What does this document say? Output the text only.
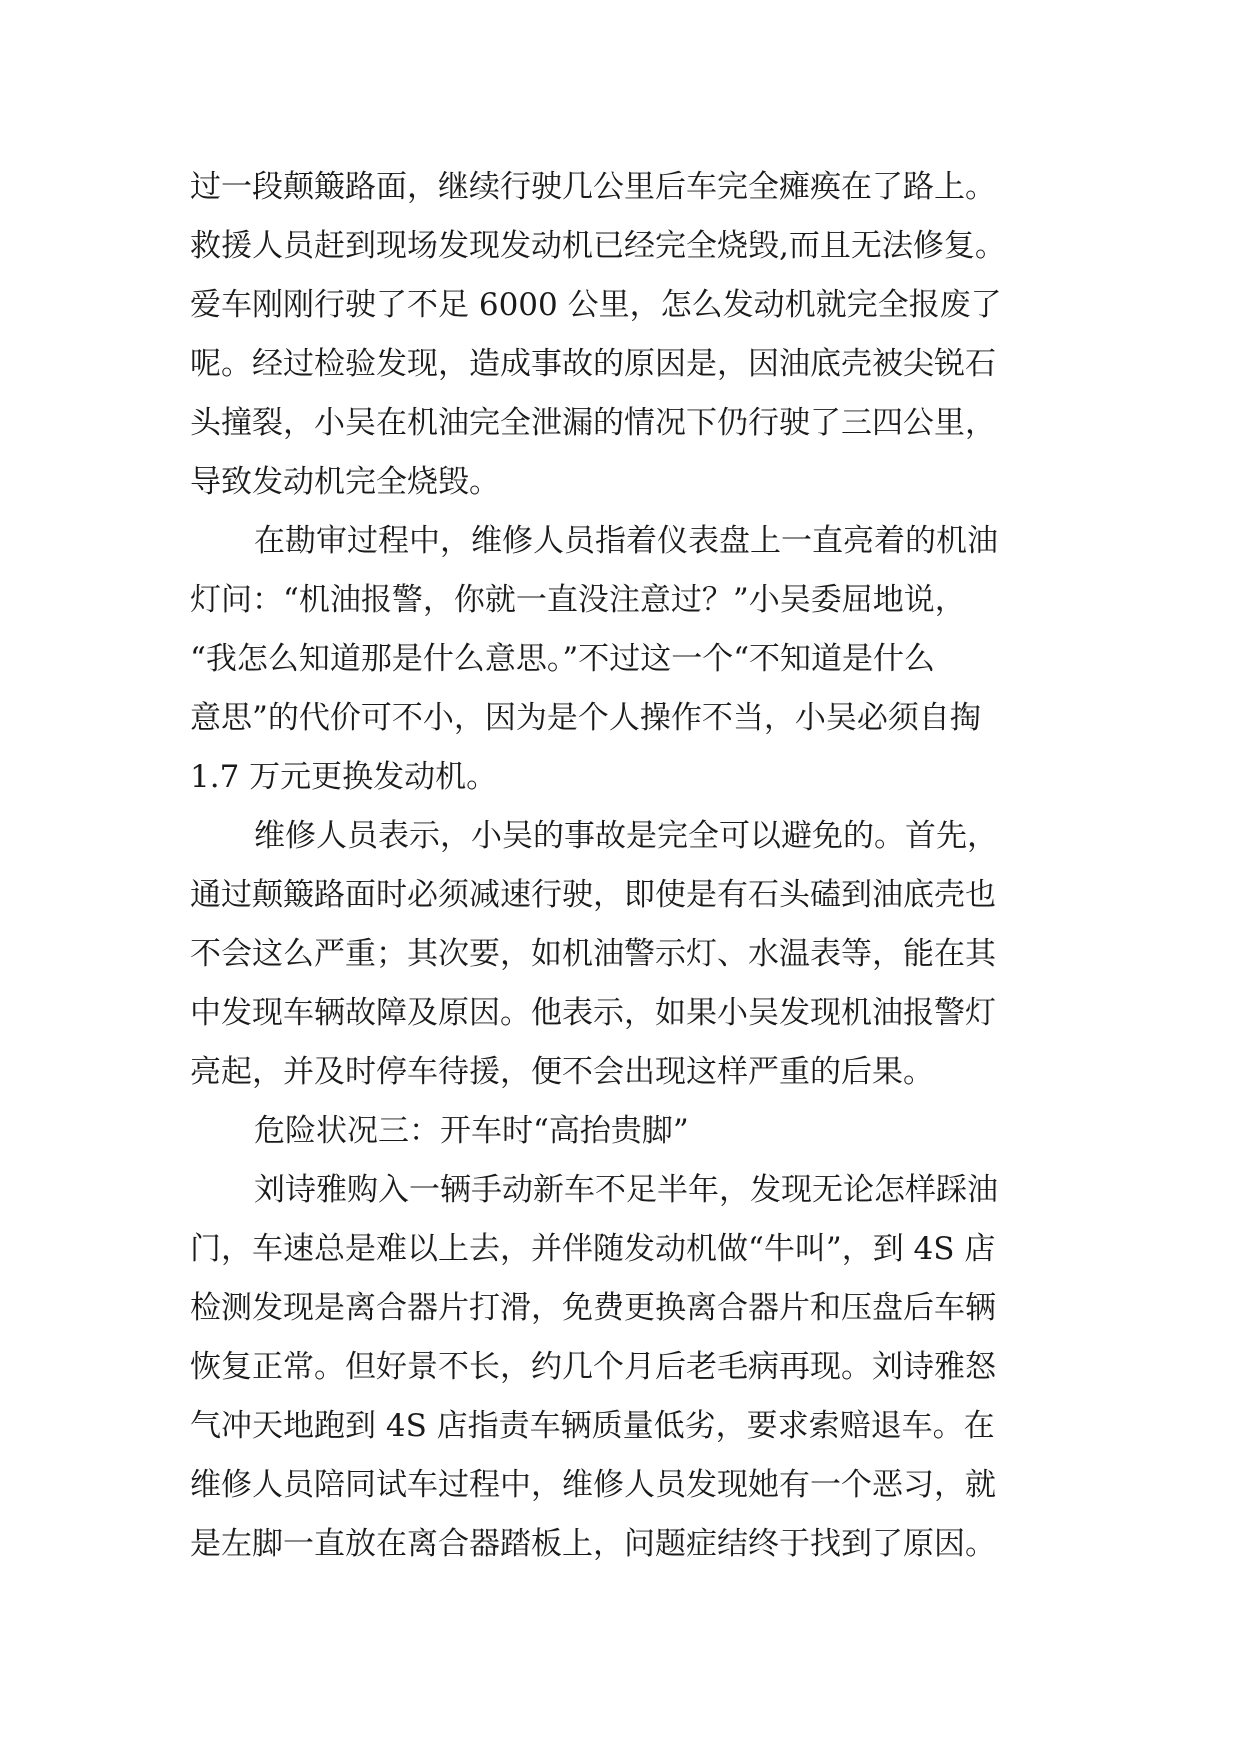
过一段颠簸路面，继续行驶几公里后车完全瘫痪在了路上。
救援人员赶到现场发现发动机已经完全烧毁,而且无法修复。
爱车刚刚行驶了不足 6000 公里，怎么发动机就完全报废了
呢。经过检验发现，造成事故的原因是，因油底壳被尖锐石
头撞裂，小吴在机油完全泄漏的情况下仍行驶了三四公里，
导致发动机完全烧毁。
在勘审过程中，维修人员指着仪表盘上一直亮着的机油
灯问：“机油报警，你就一直没注意过？”小吴委屈地说，
“我怎么知道那是什么意思。”不过这一个“不知道是什么
意思”的代价可不小，因为是个人操作不当，小吴必须自掏
1.7 万元更换发动机。
维修人员表示，小吴的事故是完全可以避免的。首先，
通过颠簸路面时必须减速行驶，即使是有石头磕到油底壳也
不会这么严重；其次要，如机油警示灯、水温表等，能在其
中发现车辆故障及原因。他表示，如果小吴发现机油报警灯
亮起，并及时停车待援，便不会出现这样严重的后果。
危险状况三：开车时“高抬贵脚”
刘诗雅购入一辆手动新车不足半年，发现无论怎样踩油
门，车速总是难以上去，并伴随发动机做“牛叫”，到 4S 店
检测发现是离合器片打滑，免费更换离合器片和压盘后车辆
恢复正常。但好景不长，约几个月后老毛病再现。刘诗雅怒
气冲天地跑到 4S 店指责车辆质量低劣，要求索赔退车。在
维修人员陪同试车过程中，维修人员发现她有一个恶习，就
是左脚一直放在离合器踏板上，问题症结终于找到了原因。
